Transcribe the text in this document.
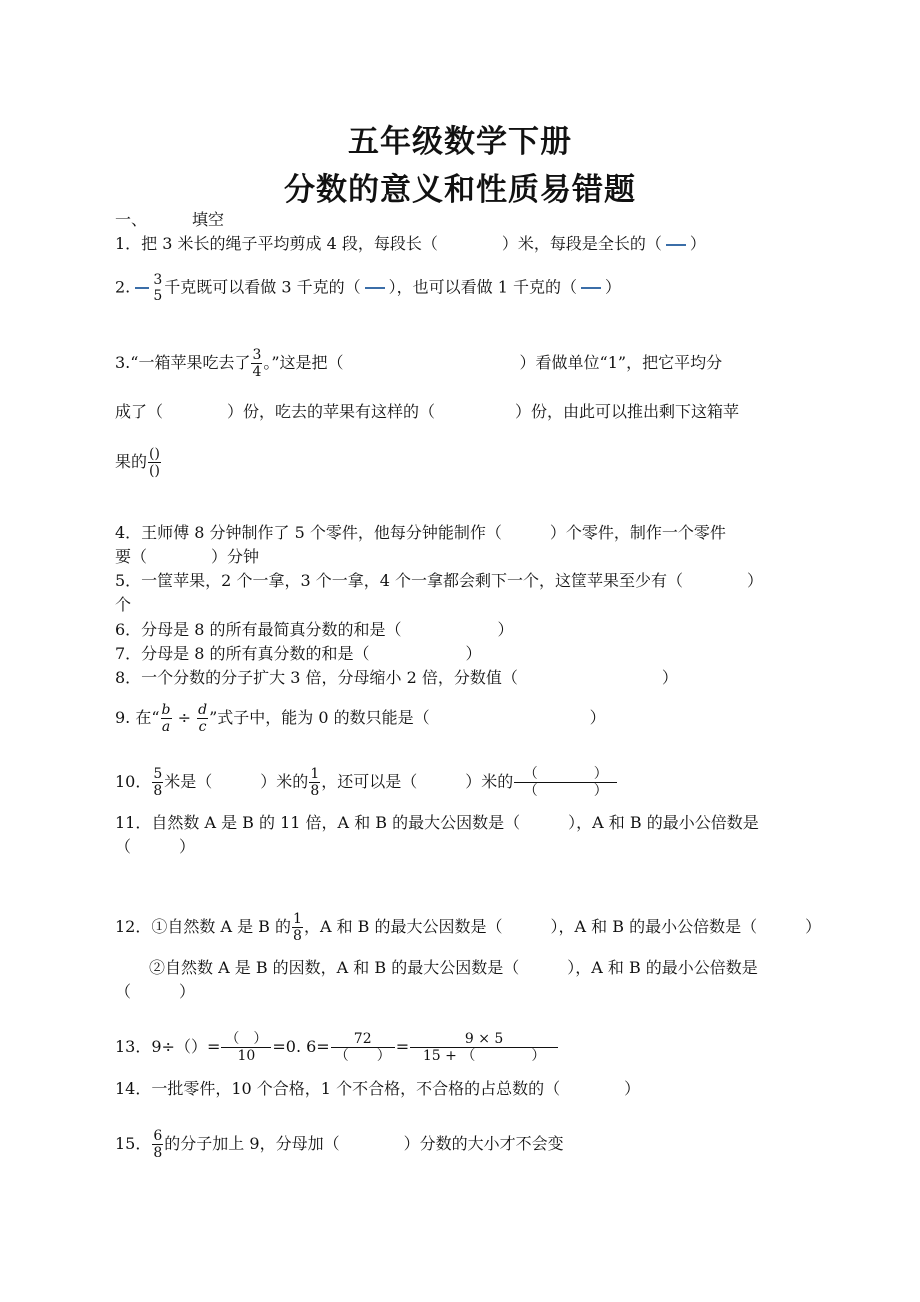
五年级数学下册
分数的意义和性质易错题
一、	填空
1．把 3 米长的绳子平均剪成 4 段，每段长（　　　　）米，每段是全长的（ ）
2. 3
5 千克既可以看做 3 千克的（ ），也可以看做 1 千克的（ ）
3.“一箱苹果吃去了 $\frac{3}{4}$ 。”这是把（　　　　　　　　　　　）看做单位“1”，把它平均分
成了（　　　　）份，吃去的苹果有这样的（　　　　　）份，由此可以推出剩下这箱苹
果的 ()
()
4．王师傅 8 分钟制作了 5 个零件，他每分钟能制作（　　　）个零件，制作一个零件
要（　　　　）分钟
5．一筐苹果，2 个一拿，3 个一拿，4 个一拿都会剩下一个，这筐苹果至少有（　　　　）
个
6．分母是 8 的所有最简真分数的和是（　　　　　　）
7．分母是 8 的所有真分数的和是（　　　　　　）
8．一个分数的分子扩大 3 倍，分母缩小 2 倍，分数值（　　　　　　　　　）
9. 在“ $\frac{b}{a} \div \frac{d}{c}$ ”式子中，能为 0 的数只能是（　　　　　　　　　　）
10． $\frac{5}{8}$ 米是（　　　）米的 $\frac{1}{8}$ ，还可以是（　　　）米的 （　　　　）
（　　　　）
11．自然数 A 是 B 的 11 倍，A 和 B 的最大公因数是（　　　），A 和 B 的最小公倍数是
（　　　）
12．①自然数 A 是 B 的 $\frac{1}{8}$ ，A 和 B 的最大公因数是（　　　），A 和 B 的最小公倍数是（　　　）
②自然数 A 是 B 的因数，A 和 B 的最大公因数是（　　　），A 和 B 的最小公倍数是
（　　　）
13．9÷（）= （　）
10	=0. 6=	72
（　　） = $\frac{9 \times 5}{15 + ( )}$
14．一批零件，10 个合格，1 个不合格，不合格的占总数的（　　　　）
15． $\frac{6}{8}$ 的分子加上 9，分母加（　　　　）分数的大小才不会变
